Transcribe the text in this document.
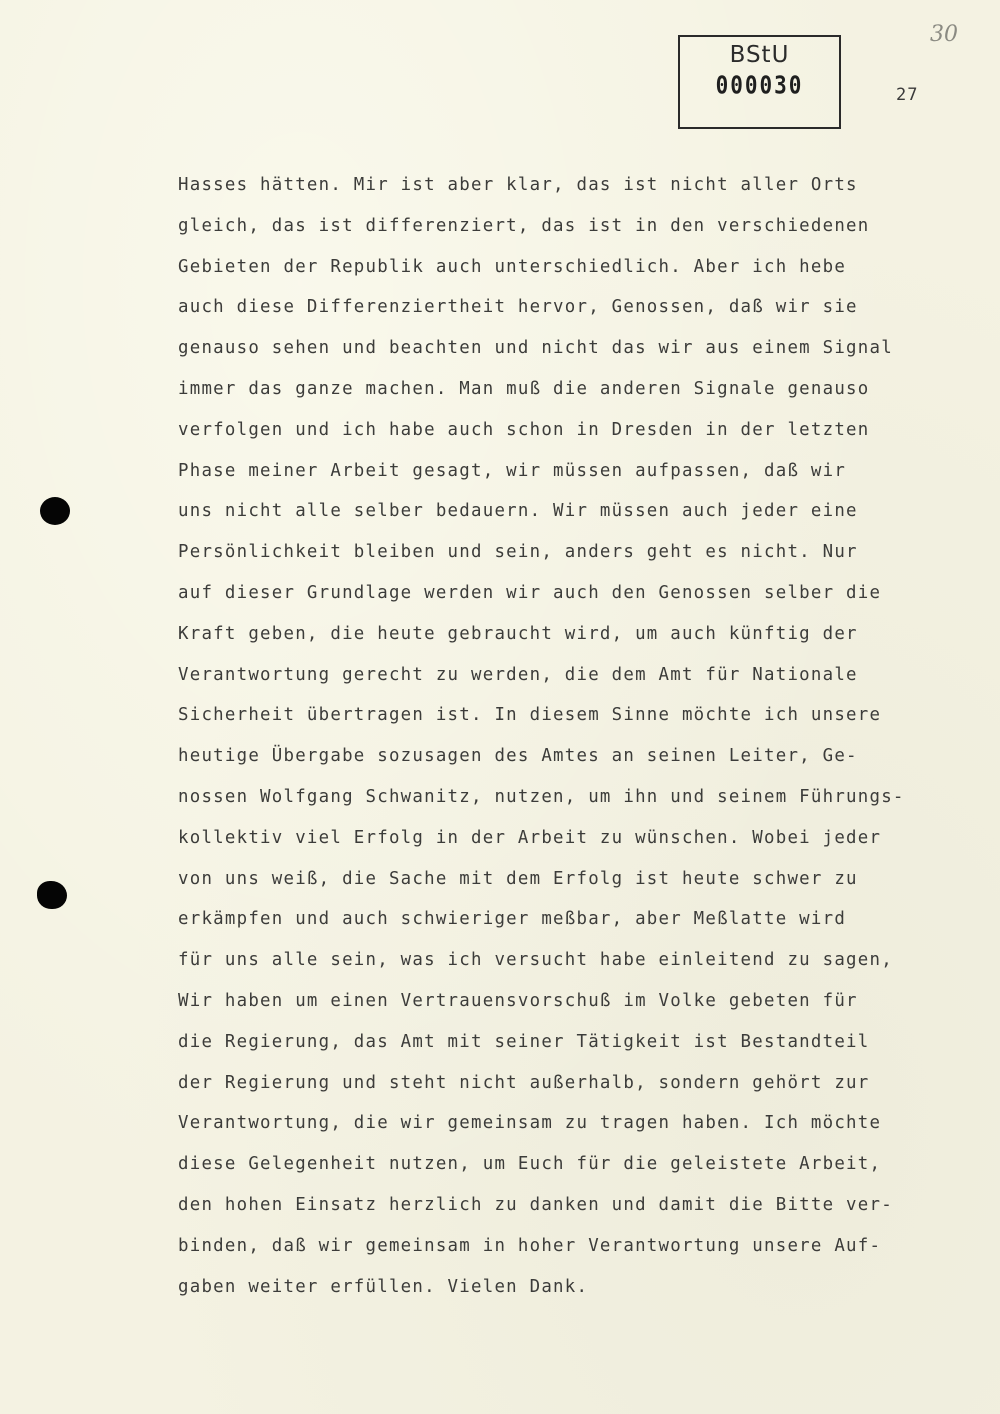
BStU
000030
30
27
Hasses hätten. Mir ist aber klar, das ist nicht aller Orts
gleich, das ist differenziert, das ist in den verschiedenen
Gebieten der Republik auch unterschiedlich. Aber ich hebe
auch diese Differenziertheit hervor, Genossen, daß wir sie
genauso sehen und beachten und nicht das wir aus einem Signal
immer das ganze machen. Man muß die anderen Signale genauso
verfolgen und ich habe auch schon in Dresden in der letzten
Phase meiner Arbeit gesagt, wir müssen aufpassen, daß wir
uns nicht alle selber bedauern. Wir müssen auch jeder eine
Persönlichkeit bleiben und sein, anders geht es nicht. Nur
auf dieser Grundlage werden wir auch den Genossen selber die
Kraft geben, die heute gebraucht wird, um auch künftig der
Verantwortung gerecht zu werden, die dem Amt für Nationale
Sicherheit übertragen ist. In diesem Sinne möchte ich unsere
heutige Übergabe sozusagen des Amtes an seinen Leiter, Ge-
nossen Wolfgang Schwanitz, nutzen, um ihn und seinem Führungs-
kollektiv viel Erfolg in der Arbeit zu wünschen. Wobei jeder
von uns weiß, die Sache mit dem Erfolg ist heute schwer zu
erkämpfen und auch schwieriger meßbar, aber Meßlatte wird
für uns alle sein, was ich versucht habe einleitend zu sagen,
Wir haben um einen Vertrauensvorschuß im Volke gebeten für
die Regierung, das Amt mit seiner Tätigkeit ist Bestandteil
der Regierung und steht nicht außerhalb, sondern gehört zur
Verantwortung, die wir gemeinsam zu tragen haben. Ich möchte
diese Gelegenheit nutzen, um Euch für die geleistete Arbeit,
den hohen Einsatz herzlich zu danken und damit die Bitte ver-
binden, daß wir gemeinsam in hoher Verantwortung unsere Auf-
gaben weiter erfüllen. Vielen Dank.
